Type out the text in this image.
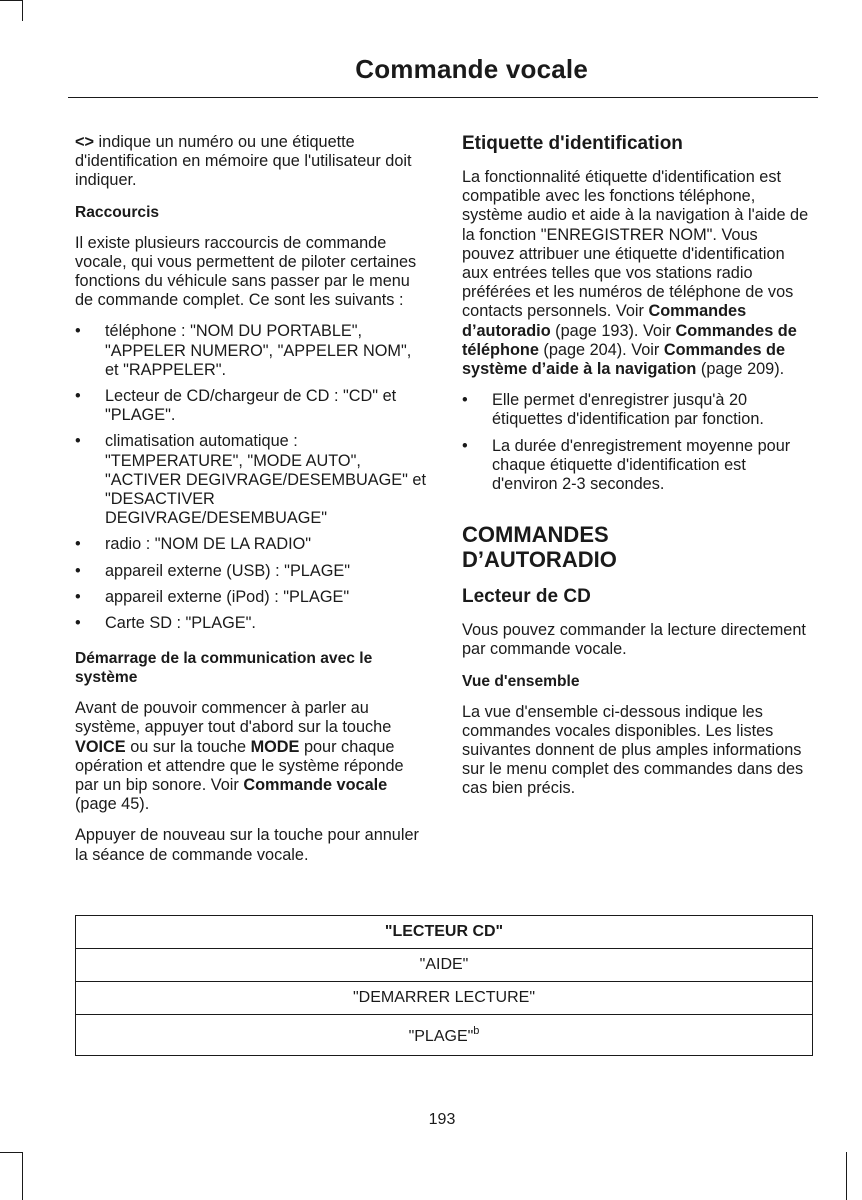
Commande vocale

<> indique un numéro ou une étiquette d'identification en mémoire que l'utilisateur doit indiquer.

Raccourcis

Il existe plusieurs raccourcis de commande vocale, qui vous permettent de piloter certaines fonctions du véhicule sans passer par le menu de commande complet. Ce sont les suivants :

• téléphone : "NOM DU PORTABLE", "APPELER NUMERO", "APPELER NOM", et "RAPPELER".
• Lecteur de CD/chargeur de CD : "CD" et "PLAGE".
• climatisation automatique : "TEMPERATURE", "MODE AUTO", "ACTIVER DEGIVRAGE/DESEMBUAGE" et "DESACTIVER DEGIVRAGE/DESEMBUAGE"
• radio : "NOM DE LA RADIO"
• appareil externe (USB) : "PLAGE"
• appareil externe (iPod) : "PLAGE"
• Carte SD : "PLAGE".
Démarrage de la communication avec le système

Avant de pouvoir commencer à parler au système, appuyer tout d'abord sur la touche VOICE ou sur la touche MODE pour chaque opération et attendre que le système réponde par un bip sonore. Voir Commande vocale (page 45).

Appuyer de nouveau sur la touche pour annuler la séance de commande vocale.

Etiquette d'identification

La fonctionnalité étiquette d'identification est compatible avec les fonctions téléphone, système audio et aide à la navigation à l'aide de la fonction "ENREGISTRER NOM". Vous pouvez attribuer une étiquette d'identification aux entrées telles que vos stations radio préférées et les numéros de téléphone de vos contacts personnels. Voir Commandes d’autoradio (page 193). Voir Commandes de téléphone (page 204). Voir Commandes de système d’aide à la navigation (page 209).

• Elle permet d'enregistrer jusqu'à 20 étiquettes d'identification par fonction.
• La durée d'enregistrement moyenne pour chaque étiquette d'identification est d'environ 2-3 secondes.
COMMANDES
D’AUTORADIO
Lecteur de CD

Vous pouvez commander la lecture directement par commande vocale.

Vue d'ensemble

La vue d'ensemble ci-dessous indique les commandes vocales disponibles. Les listes suivantes donnent de plus amples informations sur le menu complet des commandes dans des cas bien précis.

"LECTEUR CD"
"AIDE"
"DEMARRER LECTURE"
"PLAGE"$^b$
193
